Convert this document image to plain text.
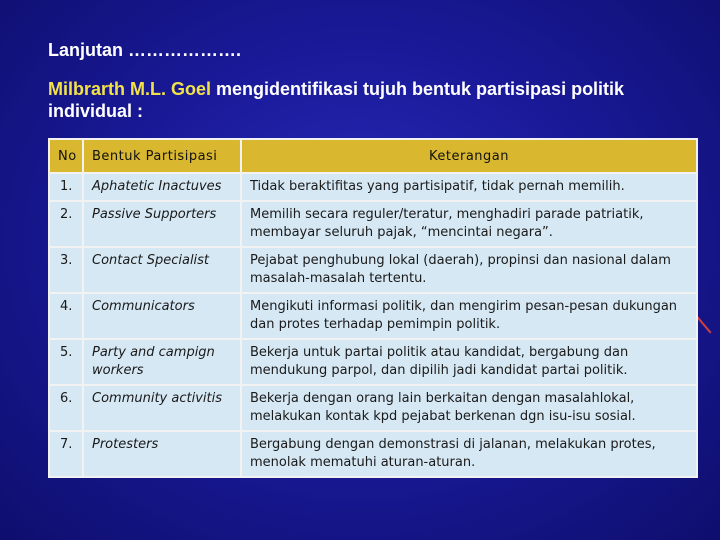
Lanjutan ……………….
Milbrarth M.L. Goel mengidentifikasi tujuh bentuk partisipasi politik individual :
No	Bentuk Partisipasi	Keterangan
1.	Aphatetic Inactuves	Tidak beraktifitas yang partisipatif, tidak pernah memilih.
2.	Passive Supporters	Memilih secara reguler/teratur, menghadiri parade patriatik, membayar seluruh pajak, “mencintai negara”.
3.	Contact Specialist	Pejabat penghubung lokal (daerah), propinsi dan nasional dalam masalah-masalah tertentu.
4.	Communicators	Mengikuti informasi politik, dan mengirim pesan-pesan dukungan dan protes terhadap pemimpin politik.
5.	Party and campign workers	Bekerja untuk partai politik atau kandidat, bergabung dan mendukung parpol, dan dipilih jadi kandidat partai politik.
6.	Community activitis	Bekerja dengan orang lain berkaitan dengan masalahlokal, melakukan kontak kpd pejabat berkenan dgn isu-isu sosial.
7.	Protesters	Bergabung dengan demonstrasi di jalanan, melakukan protes, menolak mematuhi aturan-aturan.
